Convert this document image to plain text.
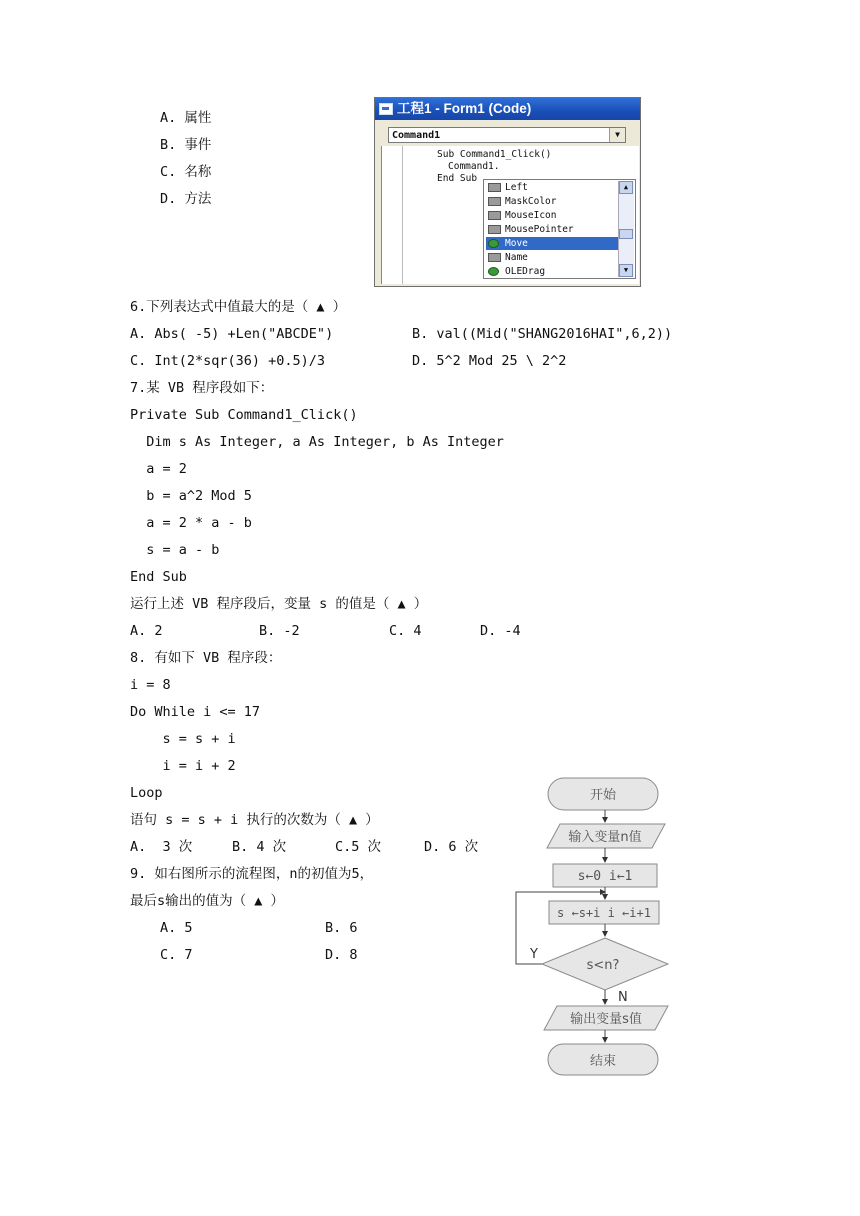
A. 属性
B. 事件
C. 名称
D. 方法
工程1 - Form1 (Code)
Command1	▼
Sub Command1_Click()
Command1.
End Sub
Left
MaskColor
MouseIcon
MousePointer
Move
Name
OLEDrag
▲
▼
6.下列表达式中值最大的是（ ▲ ）
A. Abs( -5) +Len("ABCDE")	B. val((Mid("SHANG2016HAI",6,2))
C. Int(2*sqr(36) +0.5)/3	D. 5^2 Mod 25 \ 2^2
7.某 VB 程序段如下：
Private Sub Command1_Click()
Dim s As Integer, a As Integer, b As Integer
a = 2
b = a^2 Mod 5
a = 2 * a - b
s = a - b
End Sub
运行上述 VB 程序段后，变量 s 的值是（ ▲ ）
A. 2	B. -2	C. 4	D. -4
8. 有如下 VB 程序段：
i = 8
Do While i <= 17
s = s + i
i = i + 2
Loop
语句 s = s + i 执行的次数为（ ▲ ）
A.  3 次	B. 4 次	C.5 次	D. 6 次
9. 如右图所示的流程图，n的初值为5，
最后s输出的值为（ ▲ ）
A. 5	B. 6
C. 7	D. 8
开始
输入变量n值
s←0 i←1
s ←s+i i ←i+1
s<n?
Y
N
输出变量s值
结束
